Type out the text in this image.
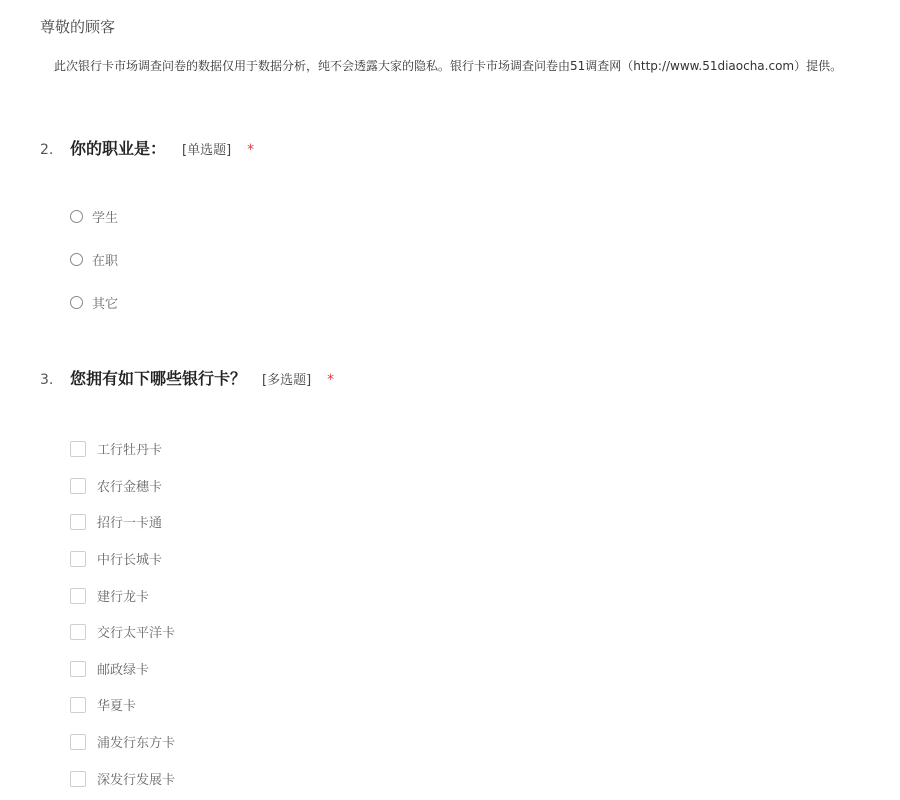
尊敬的顾客
此次银行卡市场调查问卷的数据仅用于数据分析，纯不会透露大家的隐私。银行卡市场调查问卷由51调查网（http://www.51diaocha.com）提供。
2.	你的职业是： [单选题] *
学生
在职
其它
3.	您拥有如下哪些银行卡？ [多选题] *
工行牡丹卡
农行金穗卡
招行一卡通
中行长城卡
建行龙卡
交行太平洋卡
邮政绿卡
华夏卡
浦发行东方卡
深发行发展卡
